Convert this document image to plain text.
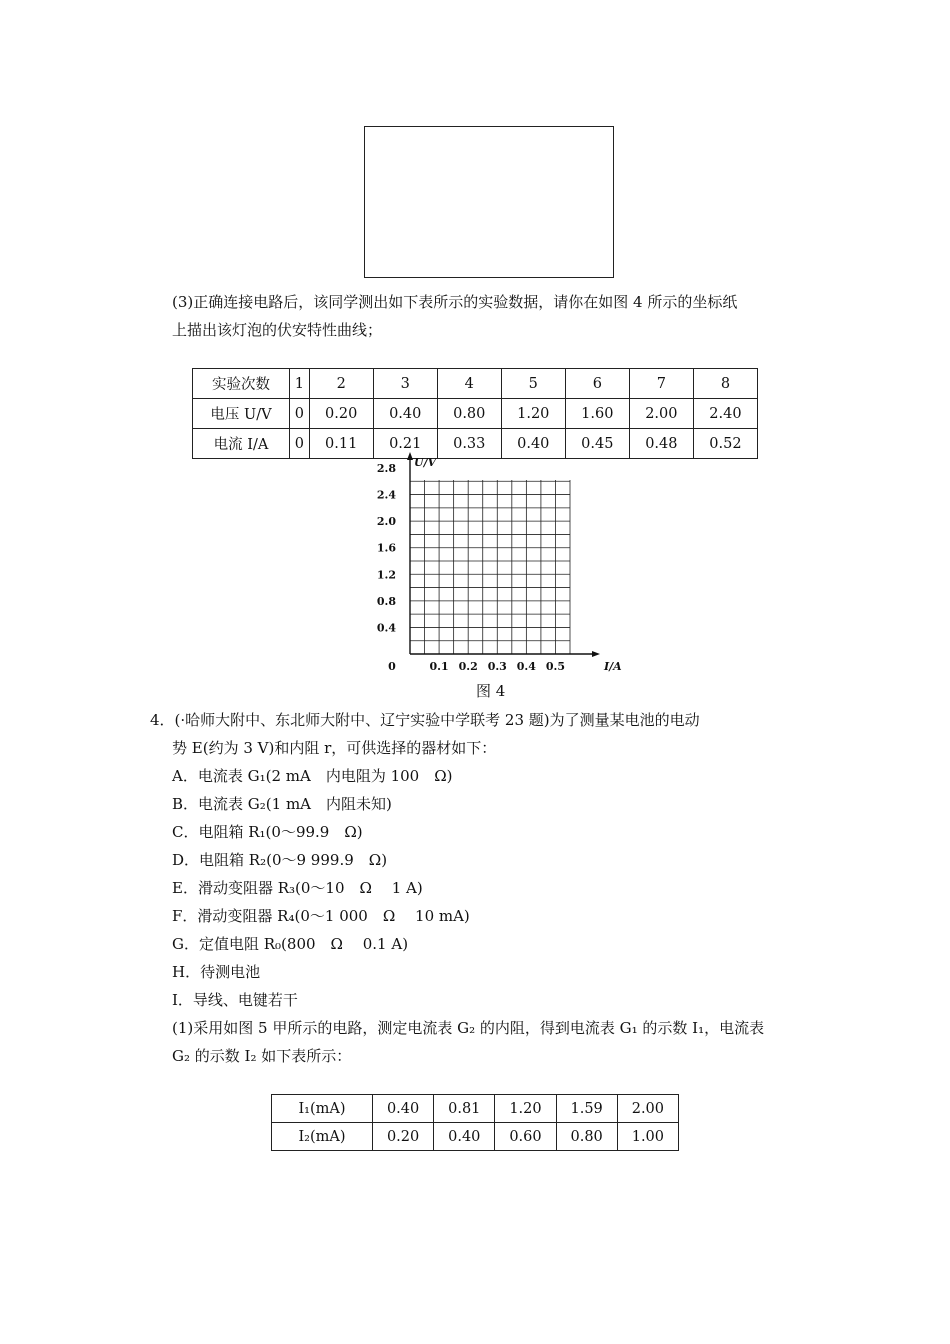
(3)正确连接电路后，该同学测出如下表所示的实验数据，请你在如图 4 所示的坐标纸
上描出该灯泡的伏安特性曲线；
实验次数	1	2	3	4	5	6	7	8
电压 U/V	0	0.20	0.40	0.80	1.20	1.60	2.00	2.40
电流 I/A	0	0.11	0.21	0.33	0.40	0.45	0.48	0.52
0.4
0.8
1.2
1.6
2.0
2.4
2.8
0.1 0.2 0.3 0.4 0.5
0	I/A
U/V
图 4
4．(·哈师大附中、东北师大附中、辽宁实验中学联考 23 题)为了测量某电池的电动
势 E(约为 3 V)和内阻 r，可供选择的器材如下：
A．电流表 G₁(2 mA　内电阻为 100　Ω)
B．电流表 G₂(1 mA　内阻未知)
C．电阻箱 R₁(0～99.9　Ω)
D．电阻箱 R₂(0～9 999.9　Ω)
E．滑动变阻器 R₃(0～10　Ω　 1 A)
F．滑动变阻器 R₄(0～1 000　Ω　 10 mA)
G．定值电阻 R₀(800　Ω　 0.1 A)
H．待测电池
I．导线、电键若干
(1)采用如图 5 甲所示的电路，测定电流表 G₂ 的内阻，得到电流表 G₁ 的示数 I₁，电流表
G₂ 的示数 I₂ 如下表所示：
I₁(mA)	0.40	0.81	1.20	1.59	2.00
I₂(mA)	0.20	0.40	0.60	0.80	1.00
